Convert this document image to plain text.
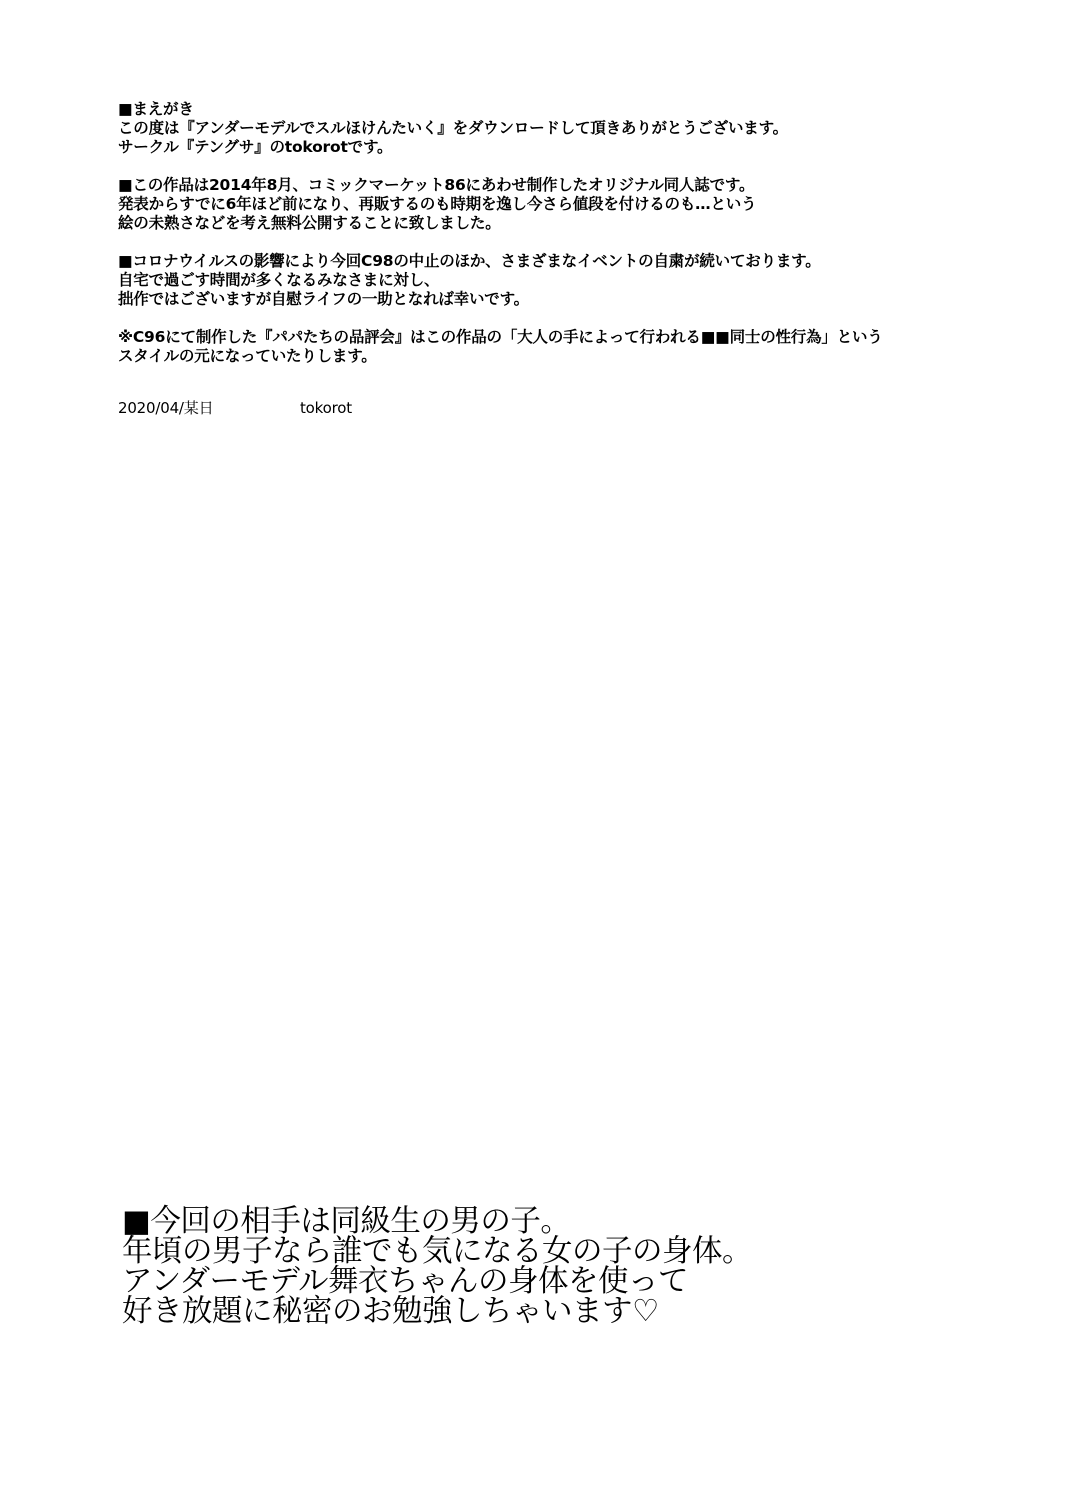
■まえがき
この度は『アンダーモデルでスルほけんたいく』をダウンロードして頂きありがとうございます。
サークル『テングサ』のtokorotです。
■この作品は2014年8月、コミックマーケット86にあわせ制作したオリジナル同人誌です。
発表からすでに6年ほど前になり、再販するのも時期を逸し今さら値段を付けるのも…という
絵の未熟さなどを考え無料公開することに致しました。
■コロナウイルスの影響により今回C98の中止のほか、さまざまなイベントの自粛が続いております。
自宅で過ごす時間が多くなるみなさまに対し、
拙作ではございますが自慰ライフの一助となれば幸いです。
※C96にて制作した『パパたちの品評会』はこの作品の「大人の手によって行われる■■同士の性行為」という
スタイルの元になっていたりします。
2020/04/某日	tokorot
■今回の相手は同級生の男の子。
年頃の男子なら誰でも気になる女の子の身体。
アンダーモデル舞衣ちゃんの身体を使って
好き放題に秘密のお勉強しちゃいます♡
